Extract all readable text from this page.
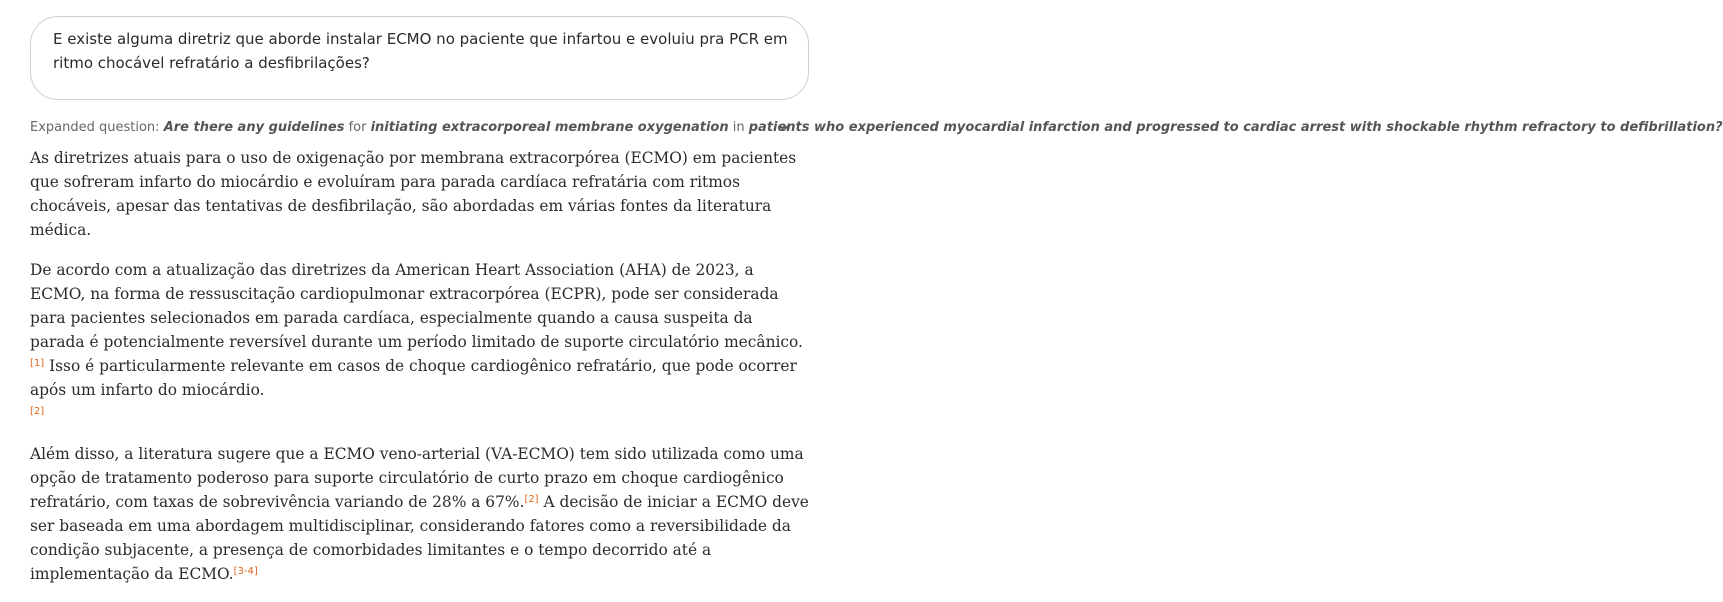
E existe alguma diretriz que aborde instalar ECMO no paciente que infartou e evoluiu pra PCR em ritmo chocável refratário a desfibrilações?
Expanded question: Are there any guidelines for initiating extracorporeal membrane oxygenation in patients who experienced myocardial infarction and progressed to cardiac arrest with shockable rhythm refractory to defibrillation?

As diretrizes atuais para o uso de oxigenação por membrana extracorpórea (ECMO) em pacientes que sofreram infarto do miocárdio e evoluíram para parada cardíaca refratária com ritmos chocáveis, apesar das tentativas de desfibrilação, são abordadas em várias fontes da literatura médica.

De acordo com a atualização das diretrizes da American Heart Association (AHA) de 2023, a ECMO, na forma de ressuscitação cardiopulmonar extracorpórea (ECPR), pode ser considerada para pacientes selecionados em parada cardíaca, especialmente quando a causa suspeita da parada é potencialmente reversível durante um período limitado de suporte circulatório mecânico.[1] Isso é particularmente relevante em casos de choque cardiogênico refratário, que pode ocorrer após um infarto do miocárdio.
[2]

Além disso, a literatura sugere que a ECMO veno-arterial (VA-ECMO) tem sido utilizada como uma opção de tratamento poderoso para suporte circulatório de curto prazo em choque cardiogênico refratário, com taxas de sobrevivência variando de 28% a 67%.[2] A decisão de iniciar a ECMO deve ser baseada em uma abordagem multidisciplinar, considerando fatores como a reversibilidade da condição subjacente, a presença de comorbidades limitantes e o tempo decorrido até a implementação da ECMO.[3-4]
